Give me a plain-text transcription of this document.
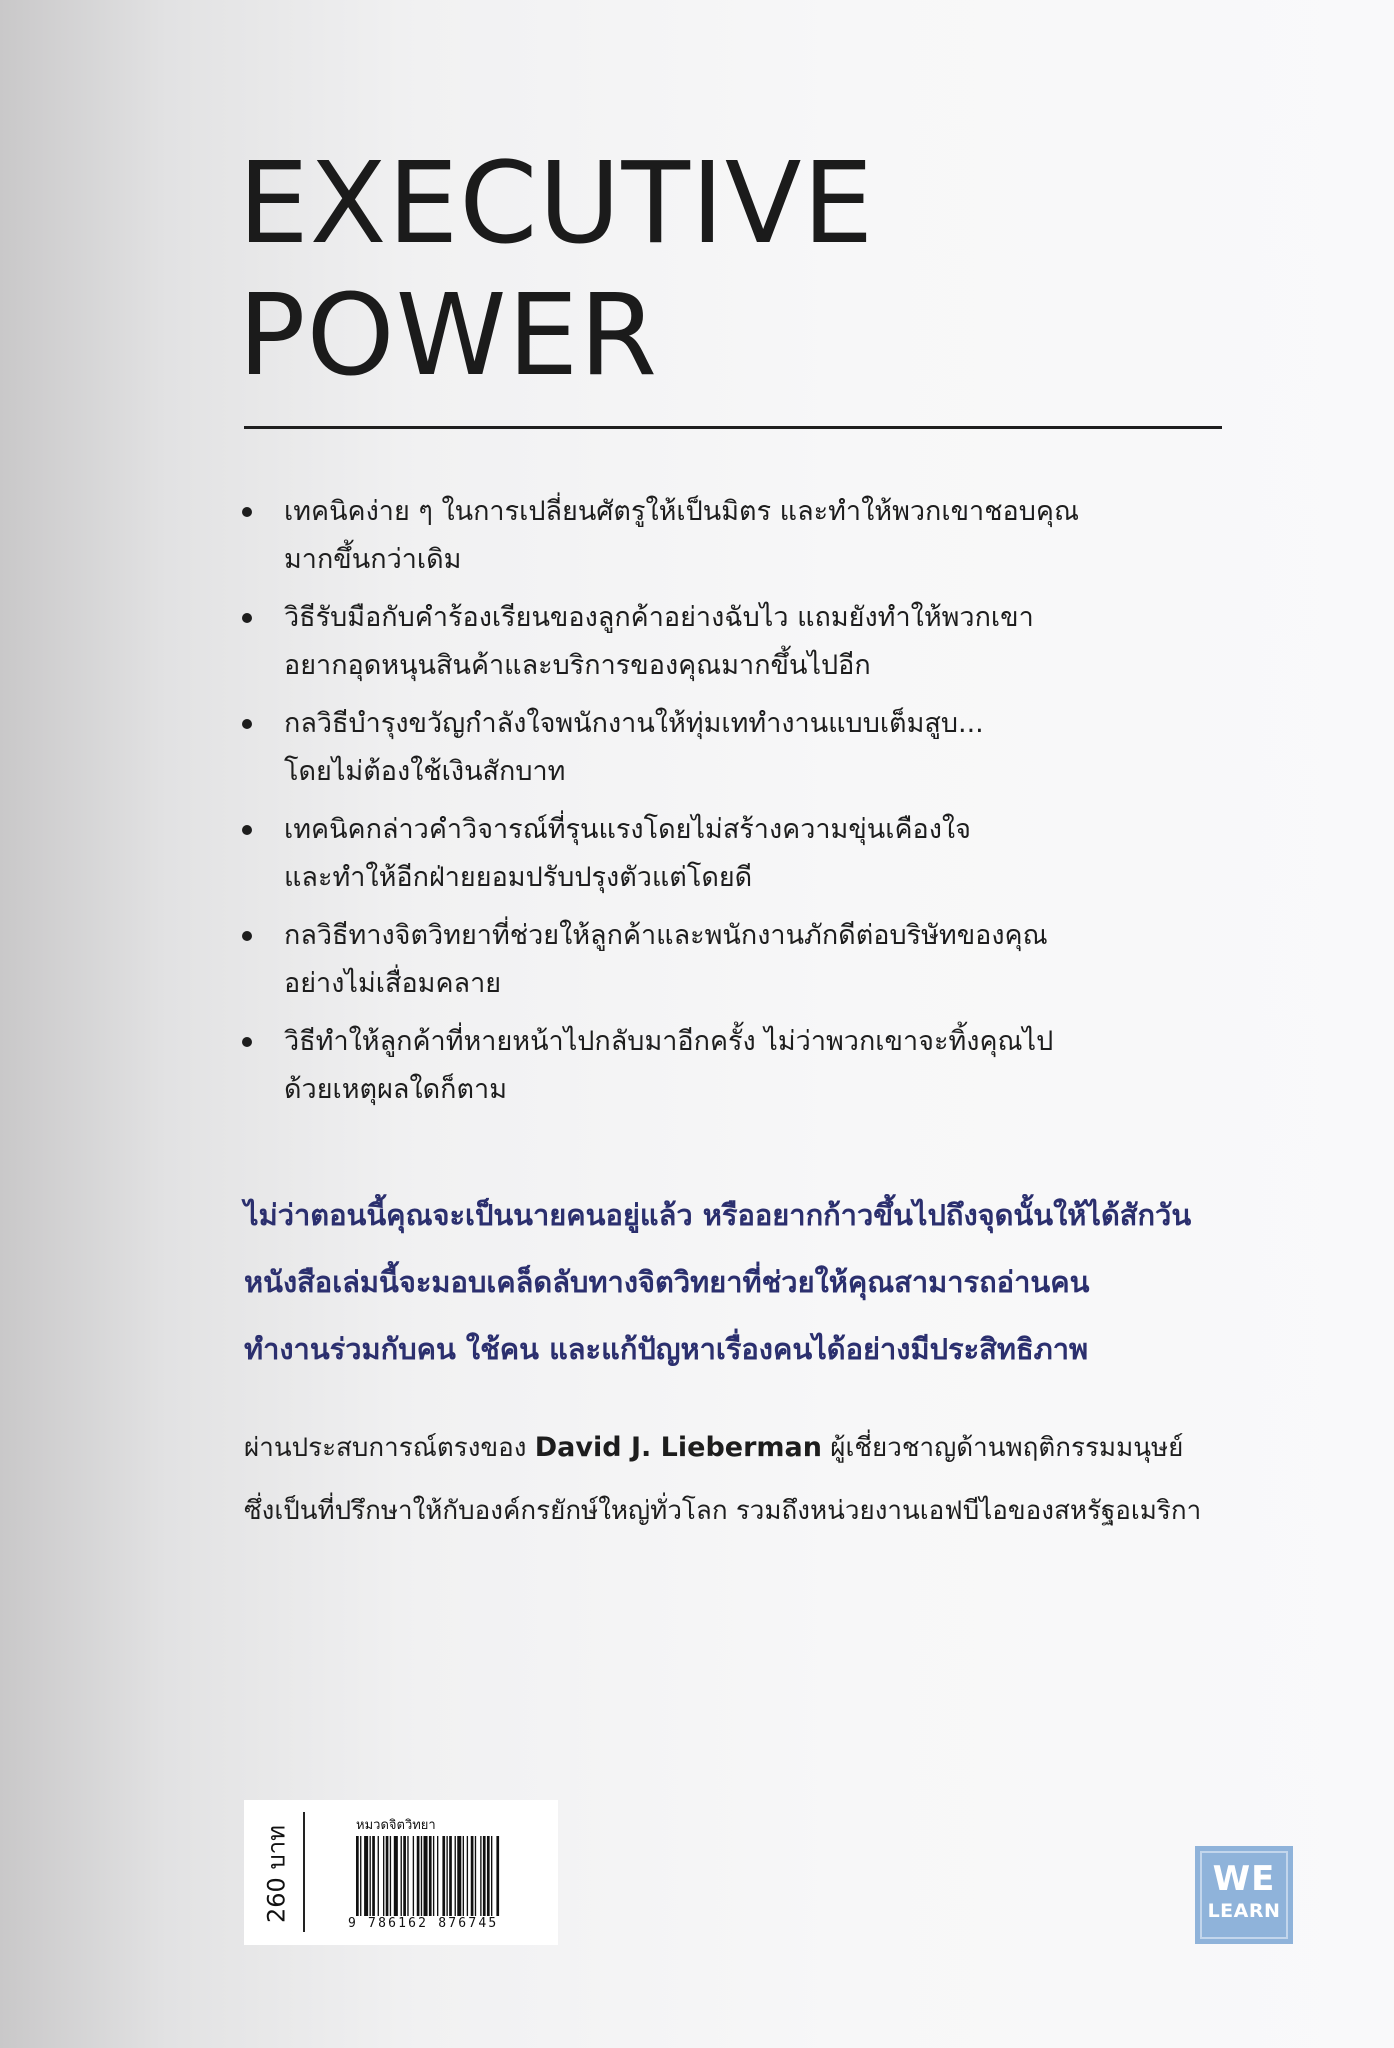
EXECUTIVE
POWER
เทคนิคง่าย ๆ ในการเปลี่ยนศัตรูให้เป็นมิตร และทำให้พวกเขาชอบคุณ
มากขึ้นกว่าเดิม
วิธีรับมือกับคำร้องเรียนของลูกค้าอย่างฉับไว แถมยังทำให้พวกเขา
อยากอุดหนุนสินค้าและบริการของคุณมากขึ้นไปอีก
กลวิธีบำรุงขวัญกำลังใจพนักงานให้ทุ่มเททำงานแบบเต็มสูบ...
โดยไม่ต้องใช้เงินสักบาท
เทคนิคกล่าวคำวิจารณ์ที่รุนแรงโดยไม่สร้างความขุ่นเคืองใจ
และทำให้อีกฝ่ายยอมปรับปรุงตัวแต่โดยดี
กลวิธีทางจิตวิทยาที่ช่วยให้ลูกค้าและพนักงานภักดีต่อบริษัทของคุณ
อย่างไม่เสื่อมคลาย
วิธีทำให้ลูกค้าที่หายหน้าไปกลับมาอีกครั้ง ไม่ว่าพวกเขาจะทิ้งคุณไป
ด้วยเหตุผลใดก็ตาม

ไม่ว่าตอนนี้คุณจะเป็นนายคนอยู่แล้ว หรืออยากก้าวขึ้นไปถึงจุดนั้นให้ได้สักวัน
หนังสือเล่มนี้จะมอบเคล็ดลับทางจิตวิทยาที่ช่วยให้คุณสามารถอ่านคน
ทำงานร่วมกับคน ใช้คน และแก้ปัญหาเรื่องคนได้อย่างมีประสิทธิภาพ

ผ่านประสบการณ์ตรงของ David J. Lieberman ผู้เชี่ยวชาญด้านพฤติกรรมมนุษย์
ซึ่งเป็นที่ปรึกษาให้กับองค์กรยักษ์ใหญ่ทั่วโลก รวมถึงหน่วยงานเอฟบีไอของสหรัฐอเมริกา

260 บาท	หมวดจิตวิทยา
9 786162 876745
WE
LEARN
